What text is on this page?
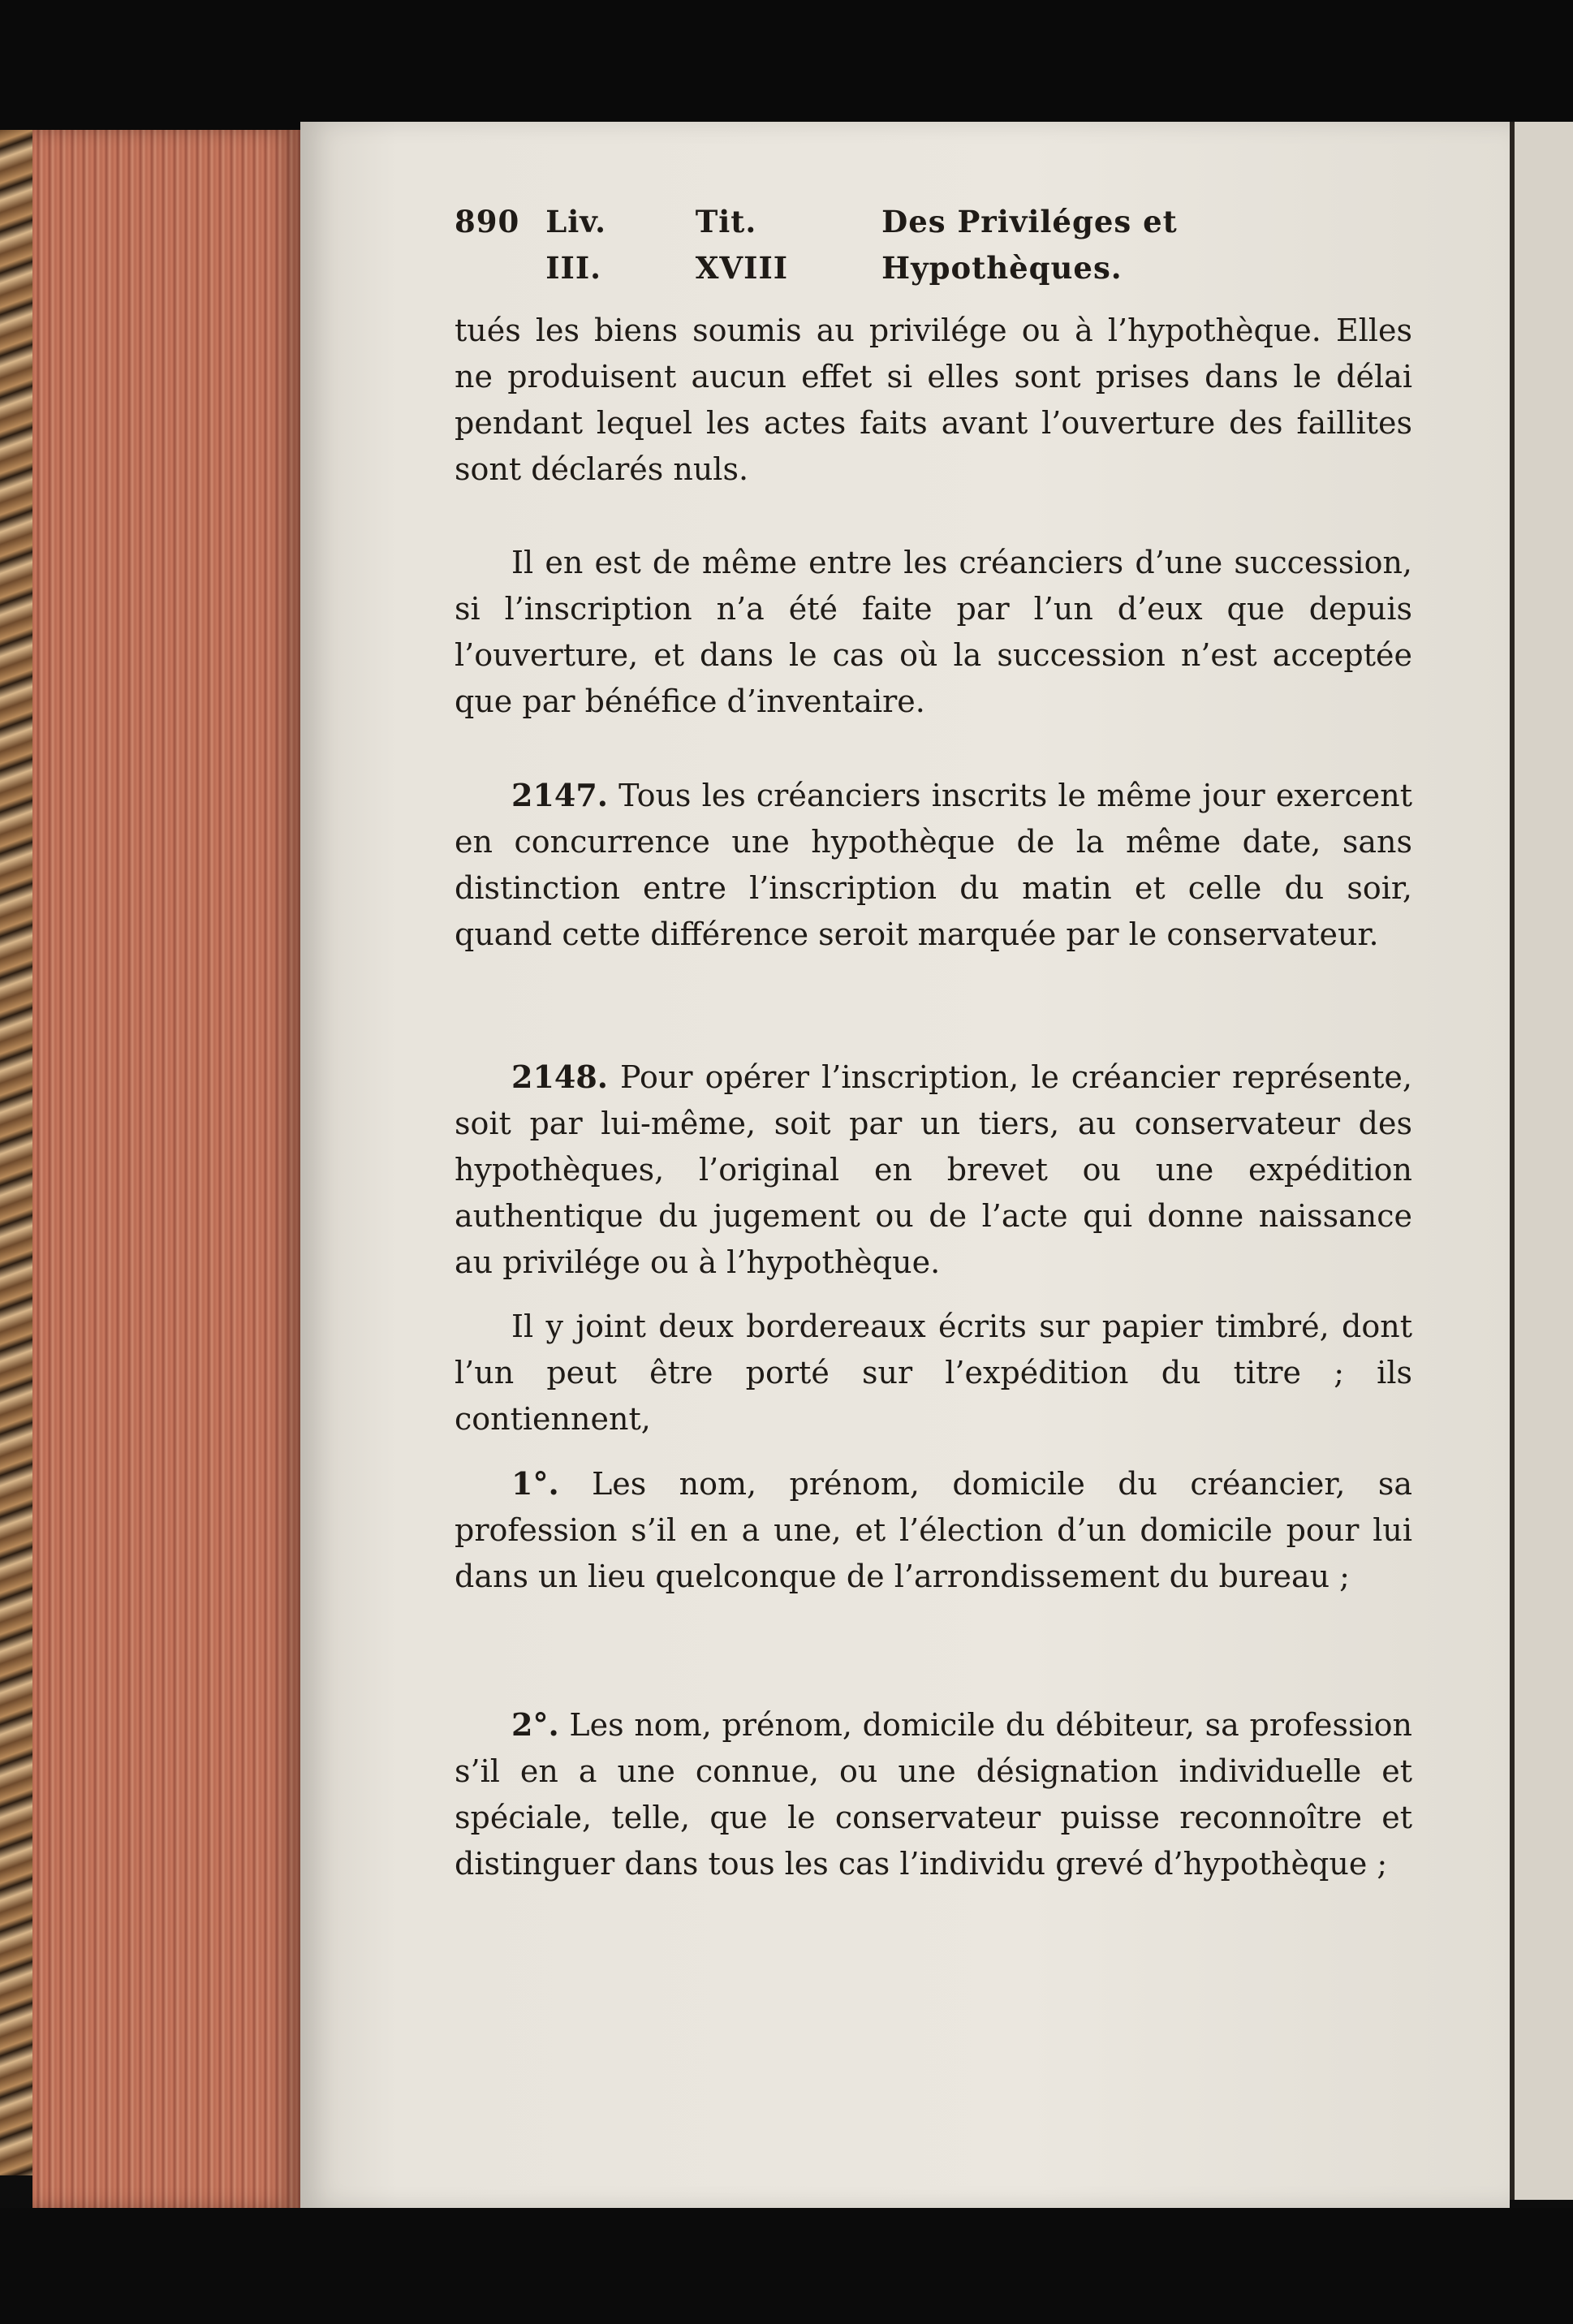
890 Liv. III.
Tit. XVIII
Des Priviléges et Hypothèques.

tués les biens soumis au privilége ou à l’hypothèque. Elles ne produisent aucun effet si elles sont prises dans le délai pendant lequel les actes faits avant l’ouverture des faillites sont déclarés nuls.

Il en est de même entre les créanciers d’une succession, si l’inscription n’a été faite par l’un d’eux que depuis l’ouverture, et dans le cas où la succession n’est acceptée que par bénéfice d’inventaire.

2147. Tous les créanciers inscrits le même jour exercent en concurrence une hypothèque de la même date, sans distinction entre l’inscription du matin et celle du soir, quand cette différence seroit marquée par le conservateur.

2148. Pour opérer l’inscription, le créancier représente, soit par lui-même, soit par un tiers, au conservateur des hypothèques, l’original en brevet ou une expédition authentique du jugement ou de l’acte qui donne naissance au privilége ou à l’hypothèque.

Il y joint deux bordereaux écrits sur papier timbré, dont l’un peut être porté sur l’expédition du titre ; ils contiennent,

1°. Les nom, prénom, domicile du créancier, sa profession s’il en a une, et l’élection d’un domicile pour lui dans un lieu quelconque de l’arrondissement du bureau ;

2°. Les nom, prénom, domicile du débiteur, sa profession s’il en a une connue, ou une désignation individuelle et spéciale, telle, que le conservateur puisse reconnoître et distinguer dans tous les cas l’individu grevé d’hypothèque ;
